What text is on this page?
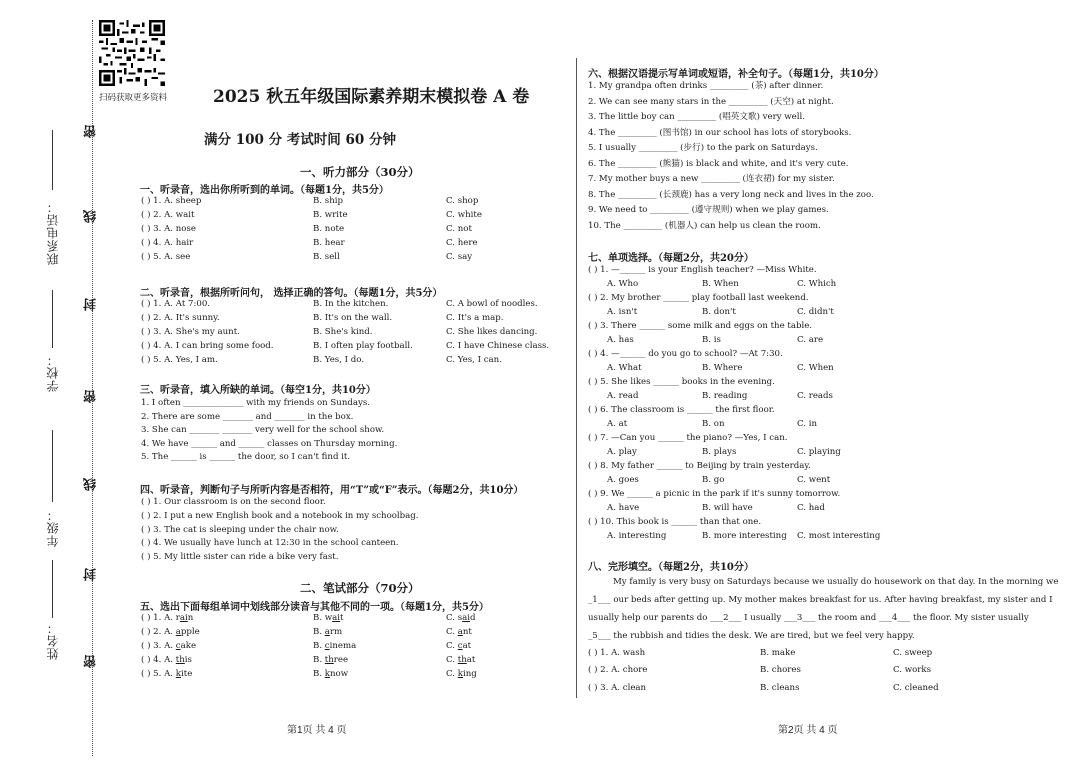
联系电话：
学校：
年级：
姓名：
密
线
封
密
线
封
密
扫码获取更多资料	2025 秋五年级国际素养期末模拟卷 A 卷
满分 100 分 考试时间 60 分钟
一、听力部分（30分）
一、听录音，选出你所听到的单词。（每题1分，共5分）
( ) 1. A. sheep	B. ship	C. shop
( ) 2. A. wait	B. write	C. white
( ) 3. A. nose	B. note	C. not
( ) 4. A. hair	B. hear	C. here
( ) 5. A. see	B. sell	C. say
二、听录音，根据所听问句， 选择正确的答句。（每题1分，共5分）
( ) 1. A. At 7:00.	B. In the kitchen.	C. A bowl of noodles.
( ) 2. A. It's sunny.	B. It's on the wall.	C. It's a map.
( ) 3. A. She's my aunt.	B. She's kind.	C. She likes dancing.
( ) 4. A. I can bring some food.	B. I often play football.	C. I have Chinese class.
( ) 5. A. Yes, I am.	B. Yes, I do.	C. Yes, I can.
三、听录音，填入所缺的单词。（每空1分，共10分）
1. I often ______________ with my friends on Sundays.
2. There are some _______ and _______ in the box.
3. She can _______ _______ very well for the school show.
4. We have ______ and ______ classes on Thursday morning.
5. The ______ is ______ the door, so I can't find it.
四、听录音，判断句子与所听内容是否相符，用“T”或“F”表示。（每题2分，共10分）
( ) 1. Our classroom is on the second floor.
( ) 2. I put a new English book and a notebook in my schoolbag.
( ) 3. The cat is sleeping under the chair now.
( ) 4. We usually have lunch at 12:30 in the school canteen.
( ) 5. My little sister can ride a bike very fast.
二、笔试部分（70分）
五、选出下面每组单词中划线部分读音与其他不同的一项。（每题1分，共5分）
( ) 1. A. rain	B. wait	C. said
( ) 2. A. apple	B. arm	C. ant
( ) 3. A. cake	B. cinema	C. cat
( ) 4. A. this	B. three	C. that
( ) 5. A. kite	B. know	C. king
六、根据汉语提示写单词或短语，补全句子。（每题1分，共10分）
1. My grandpa often drinks _________ (茶) after dinner.
2. We can see many stars in the _________ (天空) at night.
3. The little boy can _________ (唱英文歌) very well.
4. The _________ (图书馆) in our school has lots of storybooks.
5. I usually _________ (步行) to the park on Saturdays.
6. The _________ (熊猫) is black and white, and it's very cute.
7. My mother buys a new _________ (连衣裙) for my sister.
8. The _________ (长颈鹿) has a very long neck and lives in the zoo.
9. We need to _________ (遵守规则) when we play games.
10. The _________ (机器人) can help us clean the room.
七、单项选择。（每题2分，共20分）
( ) 1. —______ is your English teacher? —Miss White.
A. Who	B. When	C. Which
( ) 2. My brother ______ play football last weekend.
A. isn't	B. don't	C. didn't
( ) 3. There ______ some milk and eggs on the table.
A. has	B. is	C. are
( ) 4. —______ do you go to school? —At 7:30.
A. What	B. Where	C. When
( ) 5. She likes ______ books in the evening.
A. read	B. reading	C. reads
( ) 6. The classroom is ______ the first floor.
A. at	B. on	C. in
( ) 7. —Can you ______ the piano? —Yes, I can.
A. play	B. plays	C. playing
( ) 8. My father ______ to Beijing by train yesterday.
A. goes	B. go	C. went
( ) 9. We ______ a picnic in the park if it's sunny tomorrow.
A. have	B. will have	C. had
( ) 10. This book is ______ than that one.
A. interesting	B. more interesting C. most interesting
八、完形填空。（每题2分，共10分）
My family is very busy on Saturdays because we usually do housework on that day. In the morning we
_1___ our beds after getting up. My mother makes breakfast for us. After having breakfast, my sister and I
usually help our parents do ___2___ I usually ___3___ the room and ___4___ the floor. My sister usually
_5___ the rubbish and tidies the desk. We are tired, but we feel very happy.
( ) 1. A. wash	B. make	C. sweep
( ) 2. A. chore	B. chores	C. works
( ) 3. A. clean	B. cleans	C. cleaned
第1页 共 4 页	第2页 共 4 页
